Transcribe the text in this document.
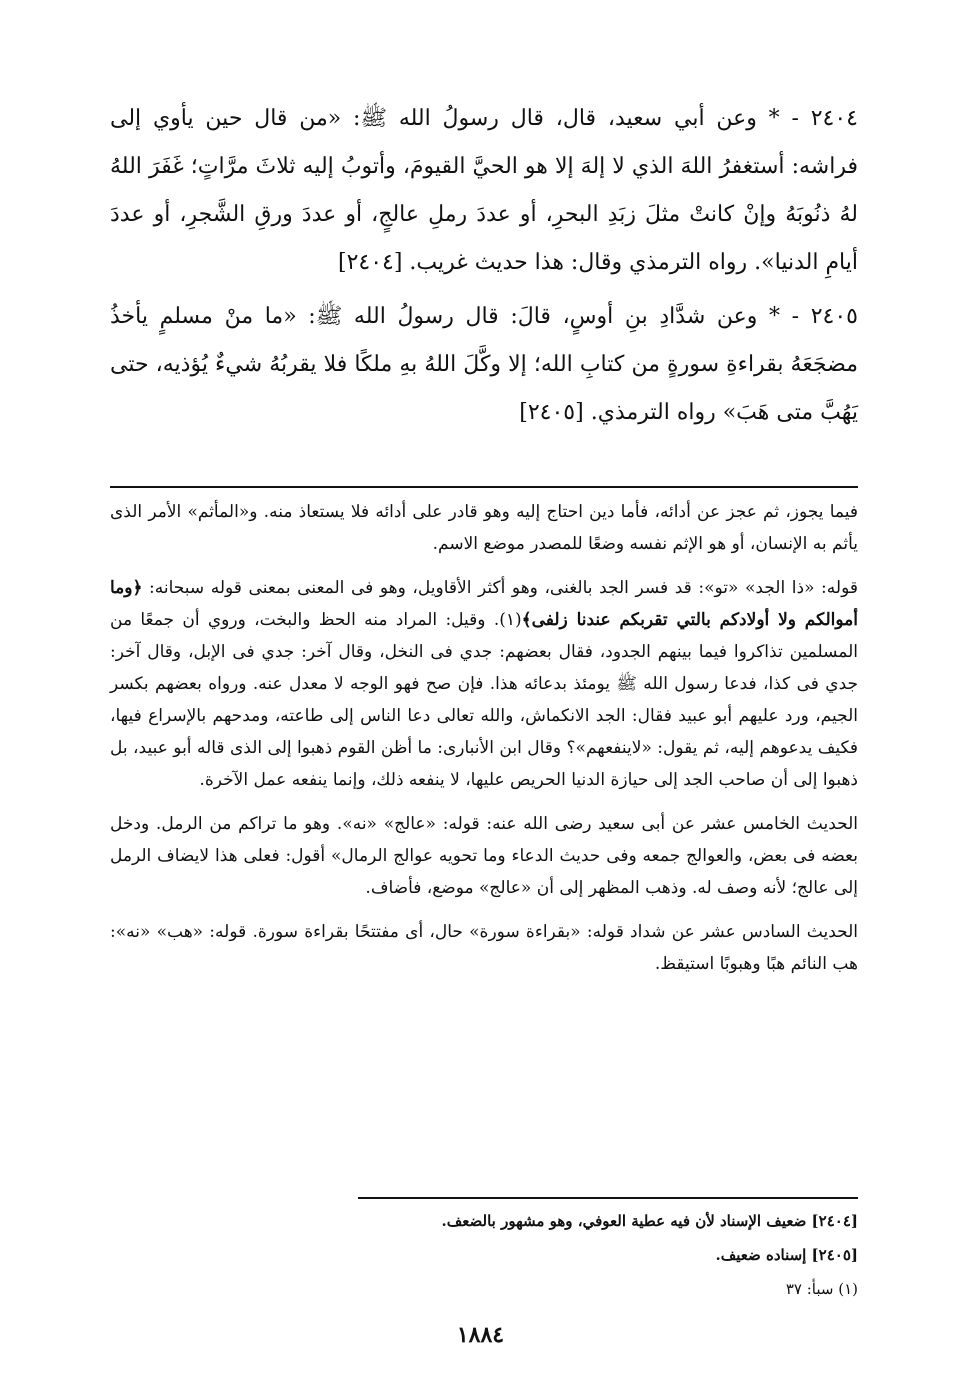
٢٤٠٤ - * وعن أبي سعيد، قال، قال رسولُ الله ﷺ: «من قال حين يأوي إلى فراشه: أستغفرُ اللهَ الذي لا إلهَ إلا هو الحيَّ القيومَ، وأتوبُ إليه ثلاثَ مرَّاتٍ؛ غَفَرَ اللهُ لهُ ذنُوبَهُ وإنْ كانتْ مثلَ زبَدِ البحرِ، أو عددَ رملِ عالجٍ، أو عددَ ورقِ الشَّجرِ، أو عددَ أيامِ الدنيا». رواه الترمذي وقال: هذا حديث غريب. [٢٤٠٤]

٢٤٠٥ - * وعن شدَّادِ بنِ أوسٍ، قالَ: قال رسولُ الله ﷺ: «ما منْ مسلمٍ يأخذُ مضجَعَهُ بقراءةِ سورةٍ من كتابِ الله؛ إلا وكَّلَ اللهُ بهِ ملكًا فلا يقربُهُ شيءٌ يُؤذيه، حتى يَهُبَّ متى هَبَ» رواه الترمذي. [٢٤٠٥]

فيما يجوز، ثم عجز عن أدائه، فأما دين احتاج إليه وهو قادر على أدائه فلا يستعاذ منه. و«المأثم» الأمر الذى يأثم به الإنسان، أو هو الإثم نفسه وضعًا للمصدر موضع الاسم.

قوله: «ذا الجد» «تو»: قد فسر الجد بالغنى، وهو أكثر الأقاويل، وهو فى المعنى بمعنى قوله سبحانه: ﴿وما أموالكم ولا أولادكم بالتي تقربكم عندنا زلفى﴾(١). وقيل: المراد منه الحظ والبخت، وروي أن جمعًا من المسلمين تذاكروا فيما بينهم الجدود، فقال بعضهم: جدي فى النخل، وقال آخر: جدي فى الإبل، وقال آخر: جدي فى كذا، فدعا رسول الله ﷺ يومئذ بدعائه هذا. فإن صح فهو الوجه لا معدل عنه. ورواه بعضهم بكسر الجيم، ورد عليهم أبو عبيد فقال: الجد الانكماش، والله تعالى دعا الناس إلى طاعته، ومدحهم بالإسراع فيها، فكيف يدعوهم إليه، ثم يقول: «لاينفعهم»؟ وقال ابن الأنبارى: ما أظن القوم ذهبوا إلى الذى قاله أبو عبيد، بل ذهبوا إلى أن صاحب الجد إلى حيازة الدنيا الحريص عليها، لا ينفعه ذلك، وإنما ينفعه عمل الآخرة.

الحديث الخامس عشر عن أبى سعيد رضى الله عنه: قوله: «عالج» «نه». وهو ما تراكم من الرمل. ودخل بعضه فى بعض، والعوالج جمعه وفى حديث الدعاء وما تحويه عوالج الرمال» أقول: فعلى هذا لايضاف الرمل إلى عالج؛ لأنه وصف له. وذهب المظهر إلى أن «عالج» موضع، فأضاف.

الحديث السادس عشر عن شداد قوله: «بقراءة سورة» حال، أى مفتتحًا بقراءة سورة. قوله: «هب» «نه»: هب النائم هبًا وهبوبًا استيقظ.

[٢٤٠٤] ضعيف الإسناد لأن فيه عطية العوفي، وهو مشهور بالضعف.

[٢٤٠٥] إسناده ضعيف.

(١) سبأ: ٣٧

١٨٨٤
